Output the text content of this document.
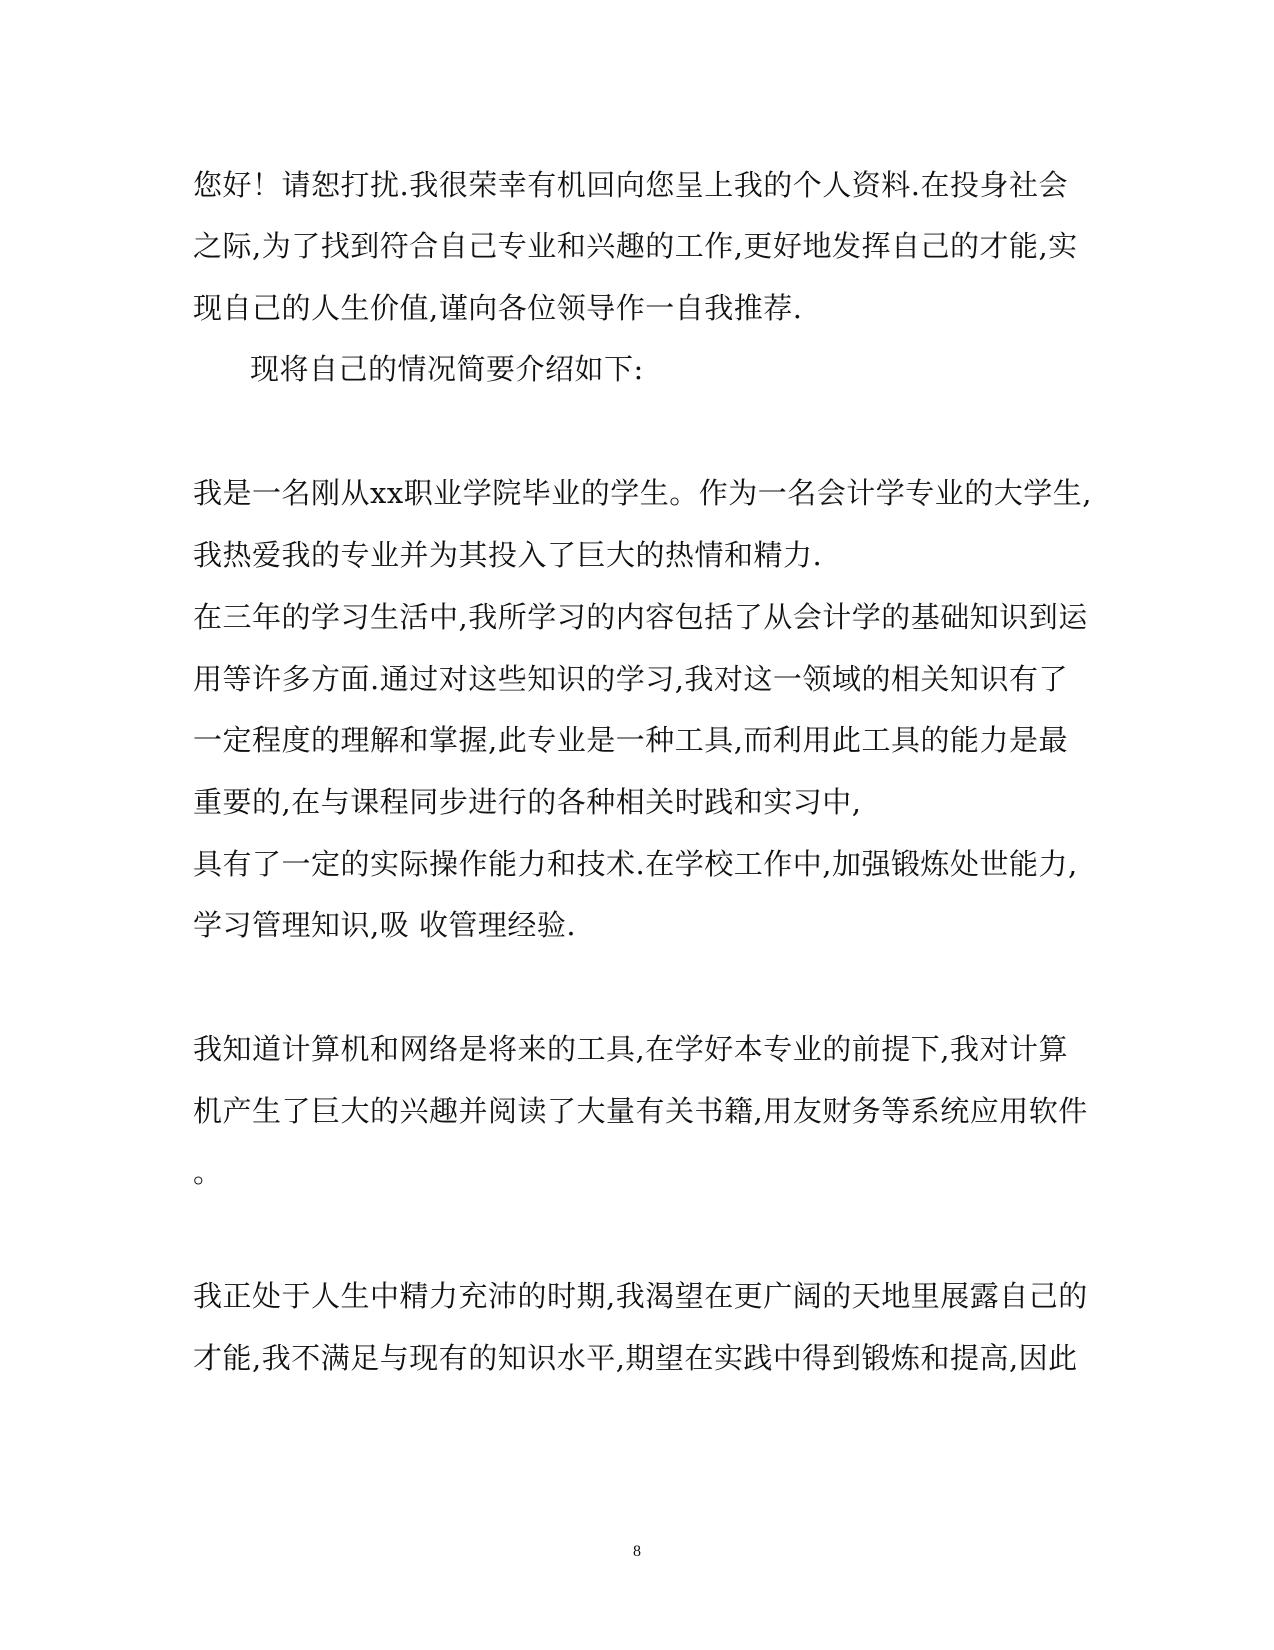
您好！请恕打扰.我很荣幸有机回向您呈上我的个人资料.在投身社会
之际,为了找到符合自己专业和兴趣的工作,更好地发挥自己的才能,实
现自己的人生价值,谨向各位领导作一自我推荐.
现将自己的情况简要介绍如下:
我是一名刚从xx职业学院毕业的学生。作为一名会计学专业的大学生,
我热爱我的专业并为其投入了巨大的热情和精力.
在三年的学习生活中,我所学习的内容包括了从会计学的基础知识到运
用等许多方面.通过对这些知识的学习,我对这一领域的相关知识有了
一定程度的理解和掌握,此专业是一种工具,而利用此工具的能力是最
重要的,在与课程同步进行的各种相关时践和实习中,
具有了一定的实际操作能力和技术.在学校工作中,加强锻炼处世能力,
学习管理知识,吸 收管理经验.
我知道计算机和网络是将来的工具,在学好本专业的前提下,我对计算
机产生了巨大的兴趣并阅读了大量有关书籍,用友财务等系统应用软件
。
我正处于人生中精力充沛的时期,我渴望在更广阔的天地里展露自己的
才能,我不满足与现有的知识水平,期望在实践中得到锻炼和提高,因此
8
